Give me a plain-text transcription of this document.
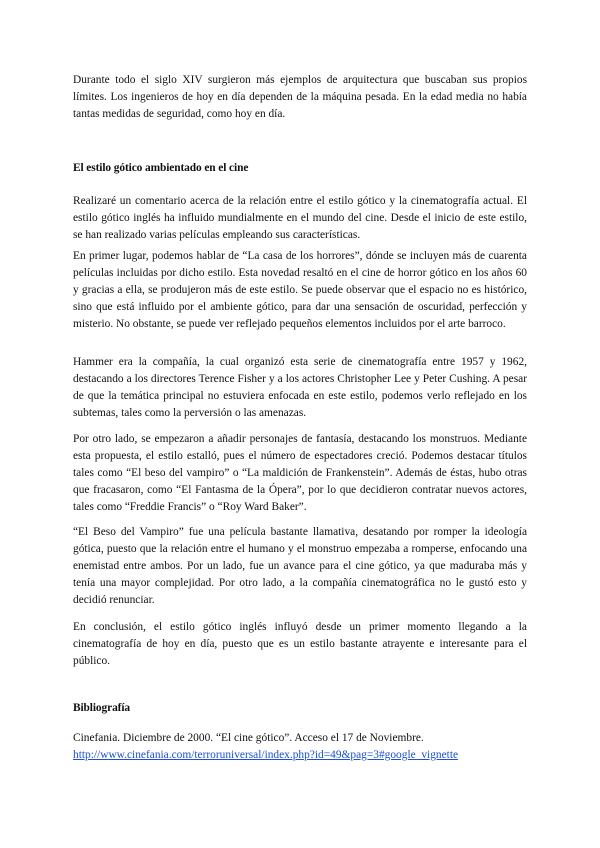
Durante todo el siglo XIV surgieron más ejemplos de arquitectura que buscaban sus propios límites. Los ingenieros de hoy en día dependen de la máquina pesada. En la edad media no había tantas medidas de seguridad, como hoy en día.

El estilo gótico ambientado en el cine

Realizaré un comentario acerca de la relación entre el estilo gótico y la cinematografía actual. El estilo gótico inglés ha influido mundialmente en el mundo del cine. Desde el inicio de este estilo, se han realizado varias películas empleando sus características.

En primer lugar, podemos hablar de “La casa de los horrores”, dónde se incluyen más de cuarenta películas incluidas por dicho estilo. Esta novedad resaltó en el cine de horror gótico en los años 60 y gracias a ella, se produjeron más de este estilo. Se puede observar que el espacio no es histórico, sino que está influido por el ambiente gótico, para dar una sensación de oscuridad, perfección y misterio. No obstante, se puede ver reflejado pequeños elementos incluidos por el arte barroco.

Hammer era la compañía, la cual organizó esta serie de cinematografía entre 1957 y 1962, destacando a los directores Terence Fisher y a los actores Christopher Lee y Peter Cushing. A pesar de que la temática principal no estuviera enfocada en este estilo, podemos verlo reflejado en los subtemas, tales como la perversión o las amenazas.

Por otro lado, se empezaron a añadir personajes de fantasía, destacando los monstruos. Mediante esta propuesta, el estilo estalló, pues el número de espectadores creció. Podemos destacar títulos tales como “El beso del vampiro” o “La maldición de Frankenstein”. Además de éstas, hubo otras que fracasaron, como “El Fantasma de la Ópera”, por lo que decidieron contratar nuevos actores, tales como “Freddie Francis” o “Roy Ward Baker”.

“El Beso del Vampiro” fue una película bastante llamativa, desatando por romper la ideología gótica, puesto que la relación entre el humano y el monstruo empezaba a romperse, enfocando una enemistad entre ambos. Por un lado, fue un avance para el cine gótico, ya que maduraba más y tenía una mayor complejidad. Por otro lado, a la compañía cinematográfica no le gustó esto y decidió renunciar.

En conclusión, el estilo gótico inglés influyó desde un primer momento llegando a la cinematografía de hoy en día, puesto que es un estilo bastante atrayente e interesante para el público.

Bibliografía

Cinefania. Diciembre de 2000. “El cine gótico”. Acceso el 17 de Noviembre.
http://www.cinefania.com/terroruniversal/index.php?id=49&pag=3#google_vignette
